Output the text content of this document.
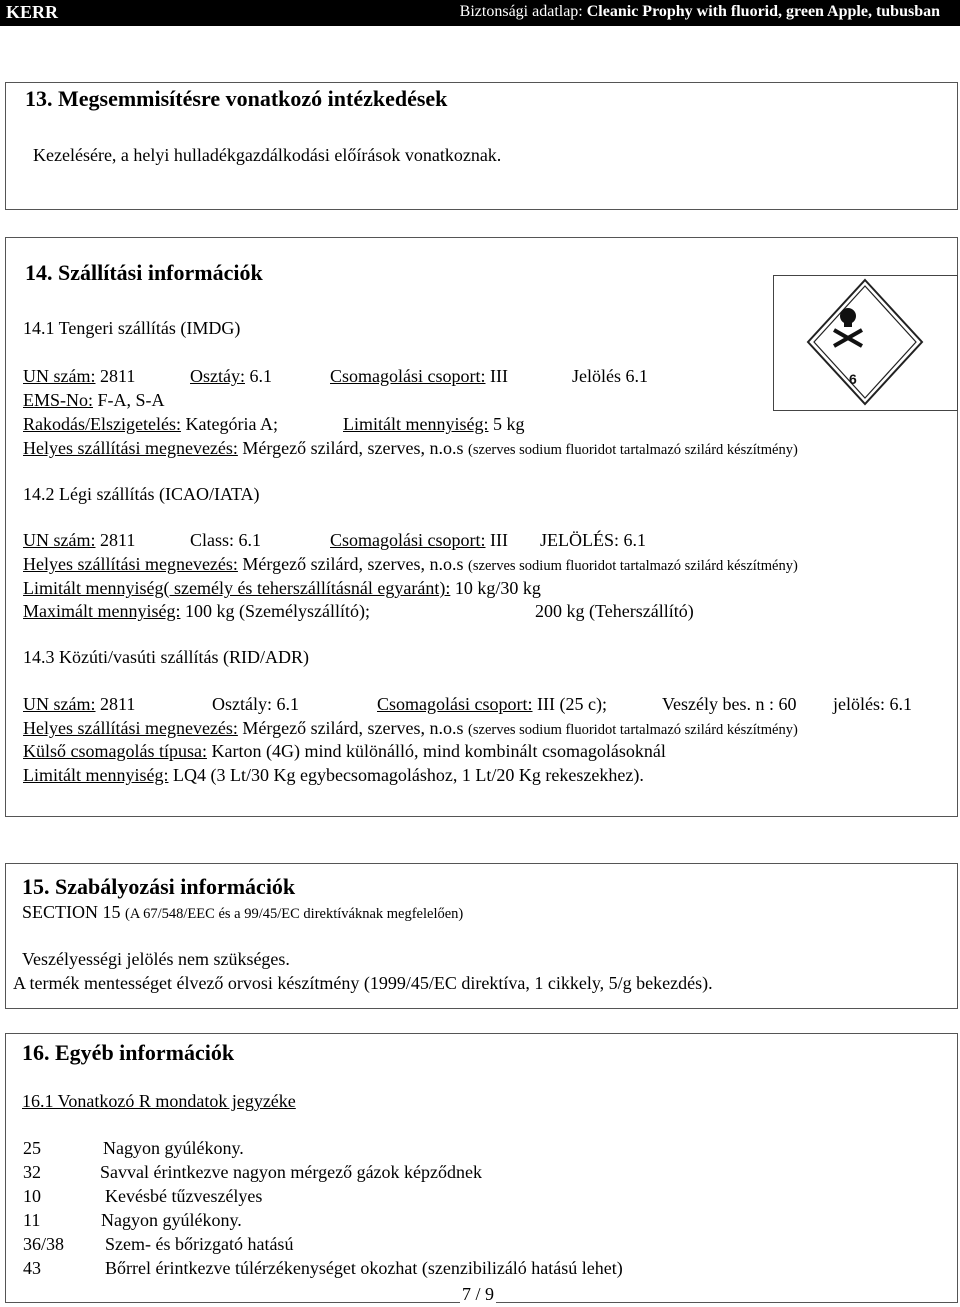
KERR	Biztonsági adatlap: Cleanic Prophy with fluorid, green Apple, tubusban
13. Megsemmisítésre vonatkozó intézkedések
Kezelésére, a helyi hulladékgazdálkodási előírások vonatkoznak.
14. Szállítási információk
6
14.1 Tengeri szállítás (IMDG)
UN szám: 2811	Osztáy: 6.1	Csomagolási csoport: III	Jelölés 6.1
EMS-No: F-A, S-A
Rakodás/Elszigetelés: Kategória A;	Limitált mennyiség: 5 kg
Helyes szállítási megnevezés: Mérgező szilárd, szerves, n.o.s (szerves sodium fluoridot tartalmazó szilárd készítmény)
14.2 Légi szállítás (ICAO/IATA)
UN szám: 2811	Class: 6.1	Csomagolási csoport: III JELÖLÉS: 6.1
Helyes szállítási megnevezés: Mérgező szilárd, szerves, n.o.s (szerves sodium fluoridot tartalmazó szilárd készítmény)
Limitált mennyiség( személy és teherszállításnál egyaránt): 10 kg/30 kg
Maximált mennyiség: 100 kg (Személyszállító);	200 kg (Teherszállító)
14.3 Közúti/vasúti szállítás (RID/ADR)
UN szám: 2811	Osztály: 6.1	Csomagolási csoport: III (25 c);	Veszély bes. n : 60 jelölés: 6.1
Helyes szállítási megnevezés: Mérgező szilárd, szerves, n.o.s (szerves sodium fluoridot tartalmazó szilárd készítmény)
Külső csomagolás típusa: Karton (4G) mind különálló, mind kombinált csomagolásoknál
Limitált mennyiség: LQ4 (3 Lt/30 Kg egybecsomagoláshoz, 1 Lt/20 Kg rekeszekhez).
15. Szabályozási információk
SECTION 15 (A 67/548/EEC és a 99/45/EC direktíváknak megfelelően)
Veszélyességi jelölés nem szükséges.
A termék mentességet élvező orvosi készítmény (1999/45/EC direktíva, 1 cikkely, 5/g bekezdés).
16. Egyéb információk
16.1 Vonatkozó R mondatok jegyzéke
25	Nagyon gyúlékony.
32	Savval érintkezve nagyon mérgező gázok képződnek
10	Kevésbé tűzveszélyes
11	Nagyon gyúlékony.
36/38 Szem- és bőrizgató hatású
43	Bőrrel érintkezve túlérzékenységet okozhat (szenzibilizáló hatású lehet)
7 / 9
